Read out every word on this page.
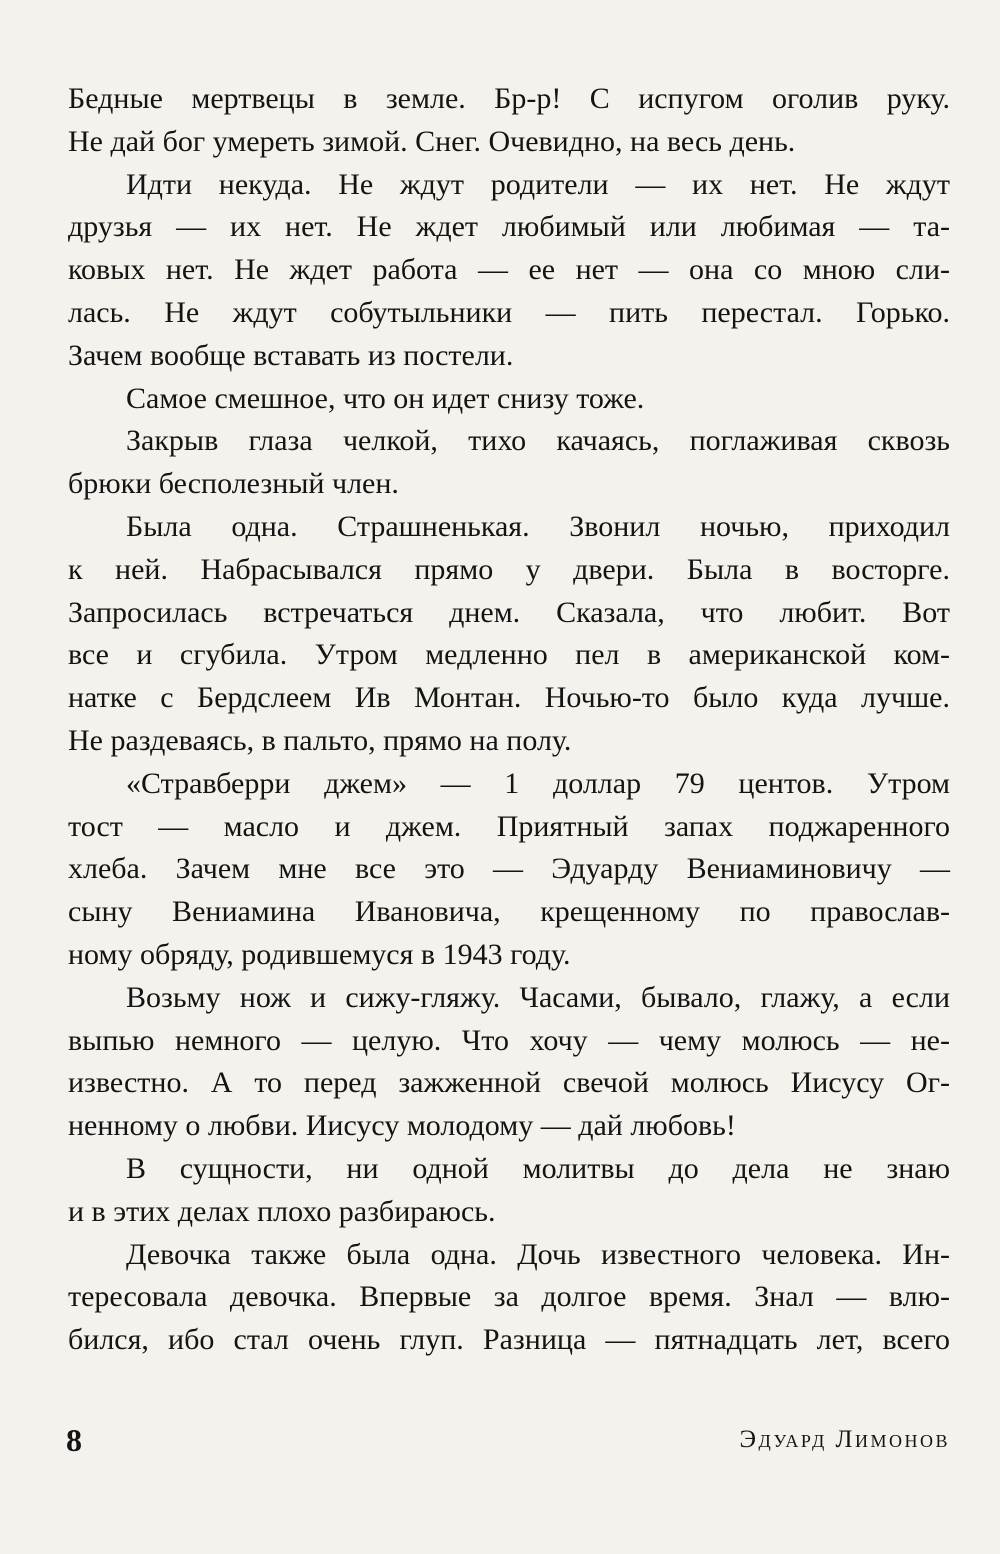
Бедные мертвецы в земле. Бр-р! С испугом оголив руку.
Не дай бог умереть зимой. Снег. Очевидно, на весь день.
Идти некуда. Не ждут родители — их нет. Не ждут
друзья — их нет. Не ждет любимый или любимая — та-
ковых нет. Не ждет работа — ее нет — она со мною сли-
лась. Не ждут собутыльники — пить перестал. Горько.
Зачем вообще вставать из постели.
Самое смешное, что он идет снизу тоже.
Закрыв глаза челкой, тихо качаясь, поглаживая сквозь
брюки бесполезный член.
Была одна. Страшненькая. Звонил ночью, приходил
к ней. Набрасывался прямо у двери. Была в восторге.
Запросилась встречаться днем. Сказала, что любит. Вот
все и сгубила. Утром медленно пел в американской ком-
натке с Бердслеем Ив Монтан. Ночью-то было куда лучше.
Не раздеваясь, в пальто, прямо на полу.
«Стравберри джем» — 1 доллар 79 центов. Утром
тост — масло и джем. Приятный запах поджаренного
хлеба. Зачем мне все это — Эдуарду Вениаминовичу —
сыну Вениамина Ивановича, крещенному по православ-
ному обряду, родившемуся в 1943 году.
Возьму нож и сижу-гляжу. Часами, бывало, глажу, а если
выпью немного — целую. Что хочу — чему молюсь — не-
известно. А то перед зажженной свечой молюсь Иисусу Ог-
ненному о любви. Иисусу молодому — дай любовь!
В сущности, ни одной молитвы до дела не знаю
и в этих делах плохо разбираюсь.
Девочка также была одна. Дочь известного человека. Ин-
тересовала девочка. Впервые за долгое время. Знал — влю-
бился, ибо стал очень глуп. Разница — пятнадцать лет, всего
8	Эдуард Лимонов
